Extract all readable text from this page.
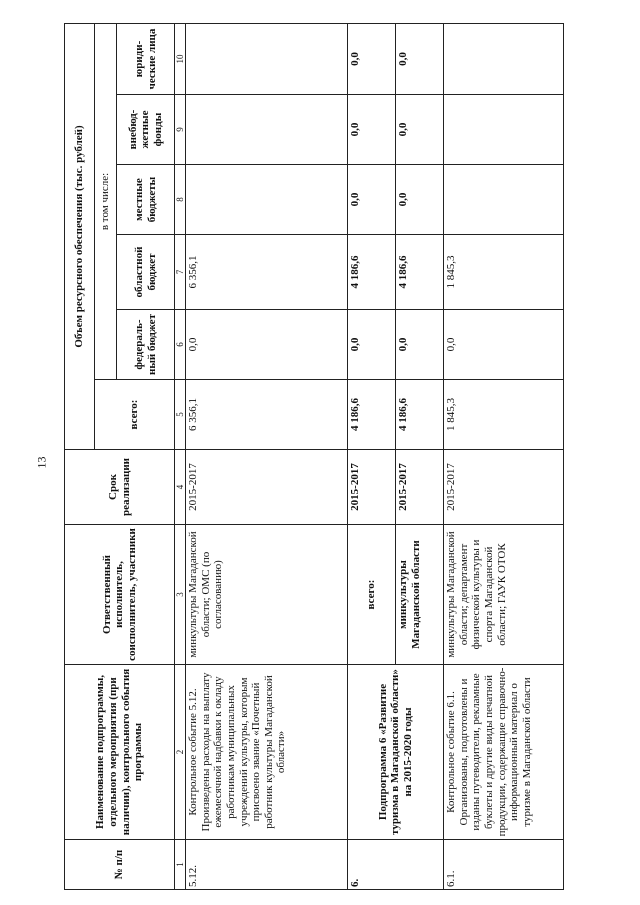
13
№ п/п	Наименование подпрограммы, отдельного мероприятия (при наличии), контрольного события программы	Ответственный исполнитель, соисполнитель, участники	Срок реализации	Объем ресурсного обеспечения (тыс. рублей)					
				всего:	в том числе:				
					федераль-ный бюджет	областной бюджет	местные бюджеты	внебюд-жетные фонды	юриди-ческие лица
1	2	3	4	5	6	7	8	9	10
5.12.	Контрольное событие 5.12. Произведены расходы на выплату ежемесячной надбавки к окладу работникам муниципальных учреждений культуры, которым присвоено звание «Почетный работник культуры Магаданской области»	минкультуры Магаданской области; ОМС (по согласованию)	2015-2017	6 356,1	0,0	6 356,1			
6.	Подпрограмма 6 «Развитие туризма в Магаданской области» на 2015-2020 годы	всего:	2015-2017	4 186,6	0,0	4 186,6	0,0	0,0	0,0
		минкультуры Магаданской области	2015-2017	4 186,6	0,0	4 186,6	0,0	0,0	0,0
6.1.	Контрольное событие 6.1. Организованы, подготовлены и изданы путеводители, рекламные буклеты и другие виды печатной продукции, содержащие справочно-информационный материал о туризме в Магаданской области	минкультуры Магаданской области; департамент физической культуры и спорта Магаданской области; ГАУК ОТОК	2015-2017	1 845,3	0,0	1 845,3			
